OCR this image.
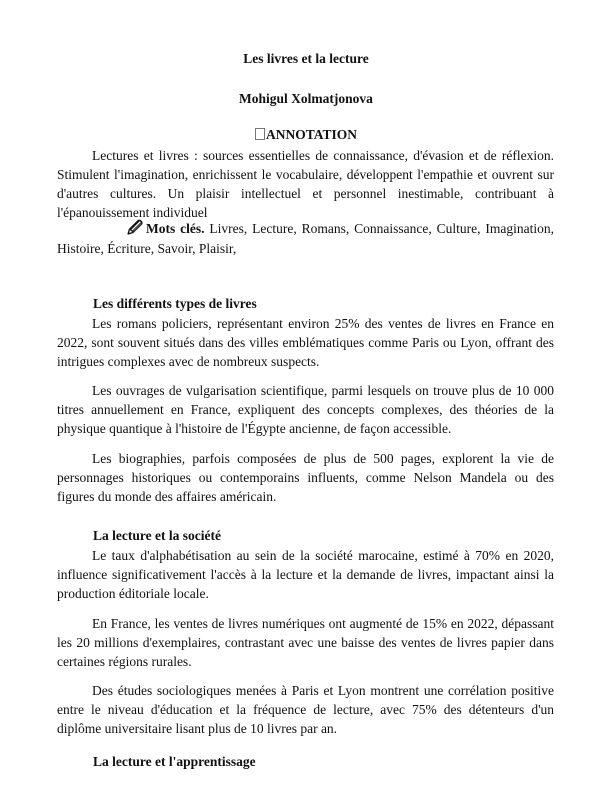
Les livres et la lecture
Mohigul Xolmatjonova
ANNOTATION
Lectures et livres : sources essentielles de connaissance, d'évasion et de réflexion. Stimulent l'imagination, enrichissent le vocabulaire, développent l'empathie et ouvrent sur d'autres cultures. Un plaisir intellectuel et personnel inestimable, contribuant à l'épanouissement individuel
🖉 Mots clés. Livres, Lecture, Romans, Connaissance, Culture, Imagination, Histoire, Écriture, Savoir, Plaisir,
Les différents types de livres
Les romans policiers, représentant environ 25% des ventes de livres en France en 2022, sont souvent situés dans des villes emblématiques comme Paris ou Lyon, offrant des intrigues complexes avec de nombreux suspects.
Les ouvrages de vulgarisation scientifique, parmi lesquels on trouve plus de 10 000 titres annuellement en France, expliquent des concepts complexes, des théories de la physique quantique à l'histoire de l'Égypte ancienne, de façon accessible.
Les biographies, parfois composées de plus de 500 pages, explorent la vie de personnages historiques ou contemporains influents, comme Nelson Mandela ou des figures du monde des affaires américain.
La lecture et la société
Le taux d'alphabétisation au sein de la société marocaine, estimé à 70% en 2020, influence significativement l'accès à la lecture et la demande de livres, impactant ainsi la production éditoriale locale.
En France, les ventes de livres numériques ont augmenté de 15% en 2022, dépassant les 20 millions d'exemplaires, contrastant avec une baisse des ventes de livres papier dans certaines régions rurales.
Des études sociologiques menées à Paris et Lyon montrent une corrélation positive entre le niveau d'éducation et la fréquence de lecture, avec 75% des détenteurs d'un diplôme universitaire lisant plus de 10 livres par an.
La lecture et l'apprentissage
